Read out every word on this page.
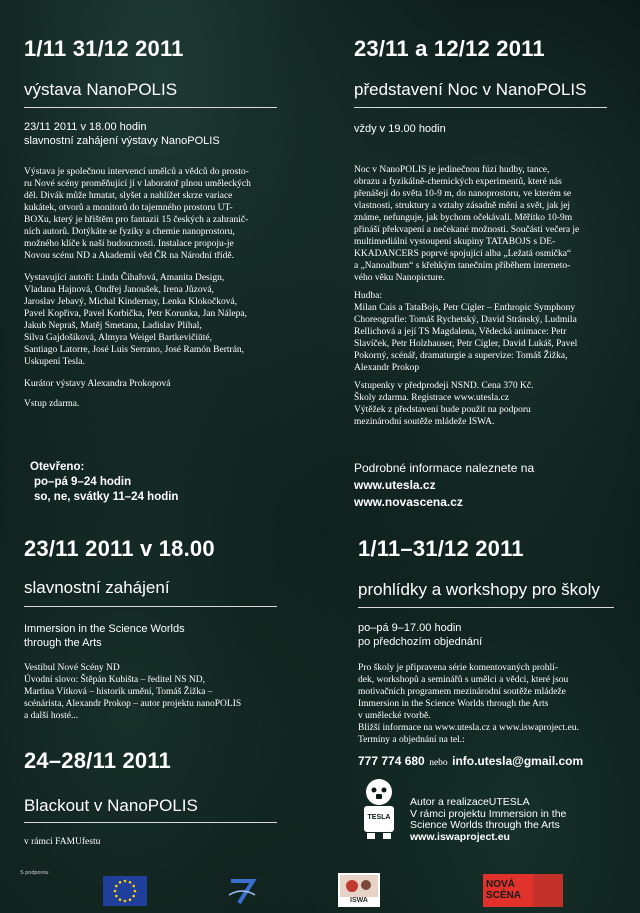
1/11 31/12 2011
výstava NanoPOLIS
23/11 2011 v 18.00 hodin
slavnostní zahájení výstavy NanoPOLIS

Výstava je společnou intervencí umělců a vědců do prosto-
ru Nové scény proměňující jí v laboratoř plnou uměleckých
děl. Divák může hmatat, slyšet a nahlížet skrze variace
kukátek, otvorů a monitorů do tajemného prostoru UT-
BOXu, který je hřištěm pro fantazii 15 českých a zahranič-
ních autorů. Dotýkáte se fyziky a chemie nanoprostoru,
možného klíče k naší budoucnosti. Instalace propoju-je
Novou scénu ND a Akademii věd ČR na Národní třídě.

Vystavující autoři: Linda Čihařová, Amanita Design,
Vladana Hajnová, Ondřej Janoušek, Irena Jůzová,
Jaroslav Jebavý, Michal Kindernay, Lenka Klokočková,
Pavel Kopřiva, Pavel Korbička, Petr Korunka, Jan Nálepa,
Jakub Nepraš, Matěj Smetana, Ladislav Plíhal,
Silva Gajdošíková, Almyra Weigel Bartkevičiūté,
Santiago Latorre, José Luis Serrano, José Ramón Bertrán,
Uskupení Tesla.

Kurátor výstavy Alexandra Prokopová

Vstup zdarma.

Otevřeno:
po–pá 9–24 hodin
so, ne, svátky 11–24 hodin
23/11 a 12/12 2011
představení Noc v NanoPOLIS
vždy v 19.00 hodin

Noc v NanoPOLIS je jedinečnou fúzí hudby, tance,
obrazu a fyzikálně-chemických experimentů, které nás
přenášejí do světa 10-9 m, do nanoprostoru, ve kterém se
vlastnosti, struktury a vztahy zásadně mění a svět, jak jej
známe, nefunguje, jak bychom očekávali. Měřítko 10-9m
přináší překvapení a nečekané možnosti. Součástí večera je
multimediální vystoupení skupiny TATABOJS s DE-
KKADANCERS poprvé spojující alba „Ležatá osmička“
a „Nanoalbum“ s křehkým tanečním příběhem interneto-
vého věku Nanopicture.

Hudba:
Milan Cais a TataBojs, Petr Cígler – Enthropic Symphony
Choreografie: Tomáš Rychetský, David Stránský, Ludmila
Rellichová a její TS Magdalena, Vědecká animace: Petr
Slavíček, Petr Holzhauser, Petr Cígler, David Lukáš, Pavel
Pokorný, scénář, dramaturgie a supervize: Tomáš Žižka,
Alexandr Prokop

Vstupenky v předprodeji NSND. Cena 370 Kč.
Školy zdarma. Registrace www.utesla.cz
Výtěžek z představení bude použit na podporu
mezinárodní soutěže mládeže ISWA.

Podrobné informace naleznete na
www.utesla.cz
www.novascena.cz
23/11 2011 v 18.00
slavnostní zahájení
Immersion in the Science Worlds
through the Arts
Vestibul Nové Scény ND
Úvodní slovo: Štěpán Kubišta – ředitel NS ND,
Martina Vítková – historik umění, Tomáš Žižka –
scénárista, Alexandr Prokop – autor projektu nanoPOLIS
a další hosté...
24–28/11 2011
Blackout v NanoPOLIS
v rámci FAMUfestu
1/11–31/12 2011
prohlídky a workshopy pro školy
po–pá 9–17.00 hodin
po předchozím objednání
Pro školy je připravena série komentovaných prohlí-
dek, workshopů a seminářů s umělci a vědci, které jsou
motivačních programem mezinárodní soutěže mládeže
Immersion in the Science Worlds through the Arts
v umělecké tvorbě.
Bližší informace na www.utesla.cz a www.iswaproject.eu.
Termíny a objednání na tel.:
777 774 680 nebo info.utesla@gmail.com
TESLA
Autor a realizaceUTESLA
V rámci projektu Immersion in the
Science Worlds through the Arts
www.iswaproject.eu
S podporou
ISWA
NOVÁ SCÉNA
